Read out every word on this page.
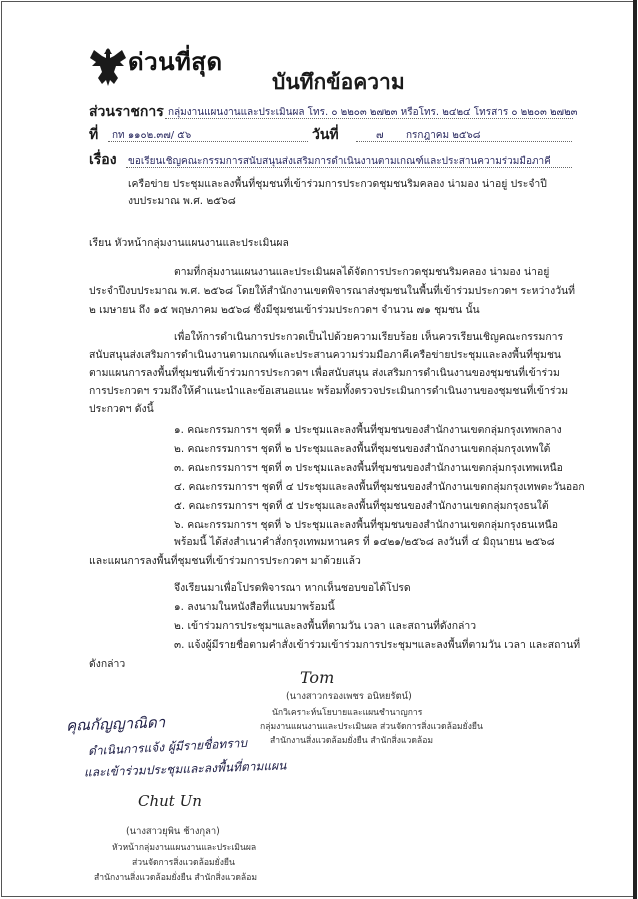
ด่วนที่สุด
บันทึกข้อความ
ส่วนราชการ กลุ่มงานแผนงานและประเมินผล โทร. ๐ ๒๒๐๓ ๒๗๒๓ หรือโทร. ๒๔๒๔ โทรสาร ๐ ๒๒๐๓ ๒๗๒๓
ที่ กท ๑๑๐๒.๓๗/ ๕๖	วันที่	๗ กรกฎาคม ๒๕๖๘
เรื่อง ขอเรียนเชิญคณะกรรมการสนับสนุนส่งเสริมการดำเนินงานตามเกณฑ์และประสานความร่วมมือภาคี
เครือข่าย ประชุมและลงพื้นที่ชุมชนที่เข้าร่วมการประกวดชุมชนริมคลอง น่ามอง น่าอยู่ ประจำปี
งบประมาณ พ.ศ. ๒๕๖๘
เรียน หัวหน้ากลุ่มงานแผนงานและประเมินผล
ตามที่กลุ่มงานแผนงานและประเมินผลได้จัดการประกวดชุมชนริมคลอง น่ามอง น่าอยู่
ประจำปีงบประมาณ พ.ศ. ๒๕๖๘ โดยให้สำนักงานเขตพิจารณาส่งชุมชนในพื้นที่เข้าร่วมประกวดฯ ระหว่างวันที่
๒ เมษายน ถึง ๑๕ พฤษภาคม ๒๕๖๘ ซึ่งมีชุมชนเข้าร่วมประกวดฯ จำนวน ๗๑ ชุมชน นั้น
เพื่อให้การดำเนินการประกวดเป็นไปด้วยความเรียบร้อย เห็นควรเรียนเชิญคณะกรรมการ
สนับสนุนส่งเสริมการดำเนินงานตามเกณฑ์และประสานความร่วมมือภาคีเครือข่ายประชุมและลงพื้นที่ชุมชน
ตามแผนการลงพื้นที่ชุมชนที่เข้าร่วมการประกวดฯ เพื่อสนับสนุน ส่งเสริมการดำเนินงานของชุมชนที่เข้าร่วม
การประกวดฯ รวมถึงให้คำแนะนำและข้อเสนอแนะ พร้อมทั้งตรวจประเมินการดำเนินงานของชุมชนที่เข้าร่วม
ประกวดฯ ดังนี้
๑. คณะกรรมการฯ ชุดที่ ๑ ประชุมและลงพื้นที่ชุมชนของสำนักงานเขตกลุ่มกรุงเทพกลาง
๒. คณะกรรมการฯ ชุดที่ ๒ ประชุมและลงพื้นที่ชุมชนของสำนักงานเขตกลุ่มกรุงเทพใต้
๓. คณะกรรมการฯ ชุดที่ ๓ ประชุมและลงพื้นที่ชุมชนของสำนักงานเขตกลุ่มกรุงเทพเหนือ
๔. คณะกรรมการฯ ชุดที่ ๔ ประชุมและลงพื้นที่ชุมชนของสำนักงานเขตกลุ่มกรุงเทพตะวันออก
๕. คณะกรรมการฯ ชุดที่ ๕ ประชุมและลงพื้นที่ชุมชนของสำนักงานเขตกลุ่มกรุงธนใต้
๖. คณะกรรมการฯ ชุดที่ ๖ ประชุมและลงพื้นที่ชุมชนของสำนักงานเขตกลุ่มกรุงธนเหนือ
พร้อมนี้ ได้ส่งสำเนาคำสั่งกรุงเทพมหานคร ที่ ๑๔๒๑/๒๕๖๘ ลงวันที่ ๔ มิถุนายน ๒๕๖๘
และแผนการลงพื้นที่ชุมชนที่เข้าร่วมการประกวดฯ มาด้วยแล้ว
จึงเรียนมาเพื่อโปรดพิจารณา หากเห็นชอบขอได้โปรด
๑. ลงนามในหนังสือที่แนบมาพร้อมนี้
๒. เข้าร่วมการประชุมฯและลงพื้นที่ตามวัน เวลา และสถานที่ดังกล่าว
๓. แจ้งผู้มีรายชื่อตามคำสั่งเข้าร่วมเข้าร่วมการประชุมฯและลงพื้นที่ตามวัน เวลา และสถานที่
ดังกล่าว
Tom
(นางสาวกรองเพชร อนิหยรัตน์)
นักวิเคราะห์นโยบายและแผนชำนาญการ
กลุ่มงานแผนงานและประเมินผล ส่วนจัดการสิ่งแวดล้อมยั่งยืน
สำนักงานสิ่งแวดล้อมยั่งยืน สำนักสิ่งแวดล้อม
คุณกัญญาณิดา
ดำเนินการแจ้ง ผู้มีรายชื่อทราบ
และเข้าร่วมประชุมและลงพื้นที่ตามแผน
Chut Un
(นางสาวยุพิน ช้างกุลา)
หัวหน้ากลุ่มงานแผนงานและประเมินผล
ส่วนจัดการสิ่งแวดล้อมยั่งยืน
สำนักงานสิ่งแวดล้อมยั่งยืน สำนักสิ่งแวดล้อม
